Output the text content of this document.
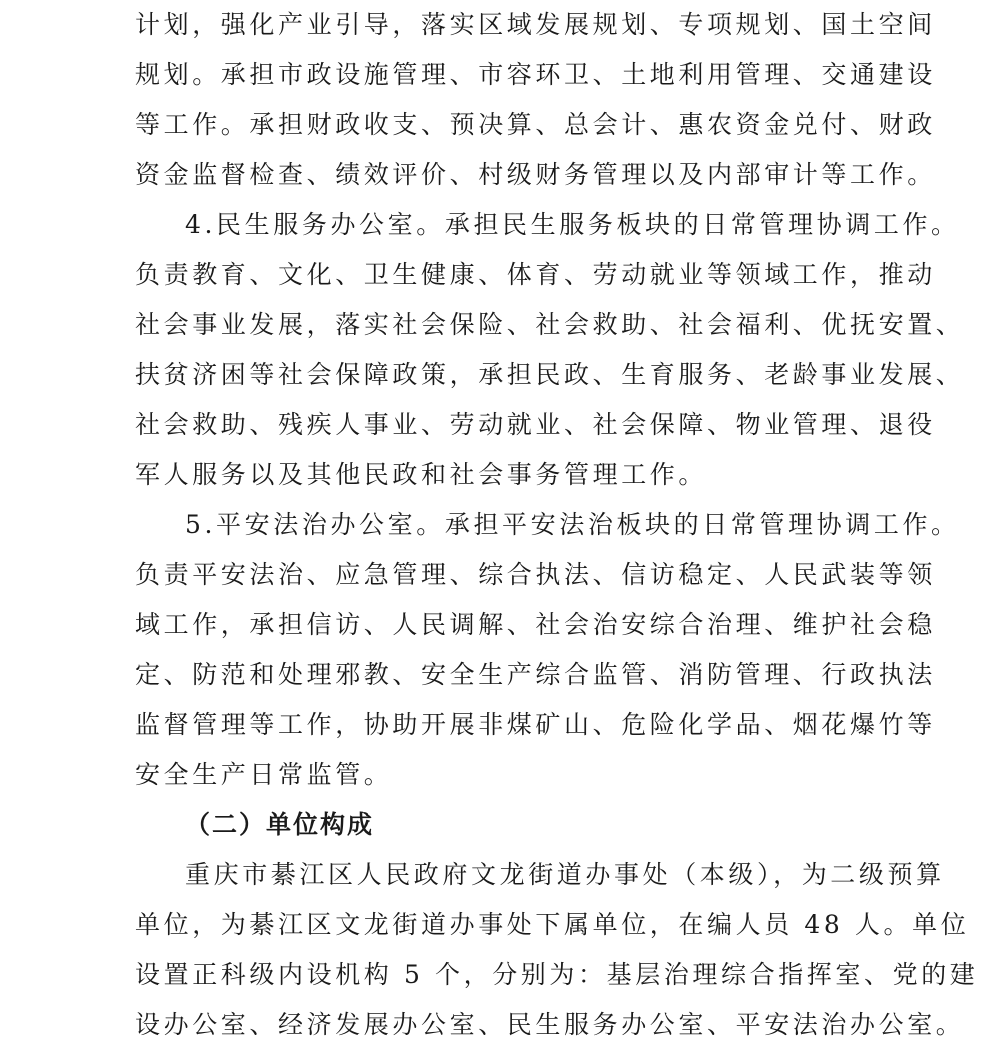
计划，强化产业引导，落实区域发展规划、专项规划、国土空间
规划。承担市政设施管理、市容环卫、土地利用管理、交通建设
等工作。承担财政收支、预决算、总会计、惠农资金兑付、财政
资金监督检查、绩效评价、村级财务管理以及内部审计等工作。
4.民生服务办公室。承担民生服务板块的日常管理协调工作。
负责教育、文化、卫生健康、体育、劳动就业等领域工作，推动
社会事业发展，落实社会保险、社会救助、社会福利、优抚安置、
扶贫济困等社会保障政策，承担民政、生育服务、老龄事业发展、
社会救助、残疾人事业、劳动就业、社会保障、物业管理、退役
军人服务以及其他民政和社会事务管理工作。
5.平安法治办公室。承担平安法治板块的日常管理协调工作。
负责平安法治、应急管理、综合执法、信访稳定、人民武装等领
域工作，承担信访、人民调解、社会治安综合治理、维护社会稳
定、防范和处理邪教、安全生产综合监管、消防管理、行政执法
监督管理等工作，协助开展非煤矿山、危险化学品、烟花爆竹等
安全生产日常监管。
（二）单位构成
重庆市綦江区人民政府文龙街道办事处（本级），为二级预算
单位，为綦江区文龙街道办事处下属单位，在编人员 48 人。单位
设置正科级内设机构 5 个，分别为：基层治理综合指挥室、党的建
设办公室、经济发展办公室、民生服务办公室、平安法治办公室。
